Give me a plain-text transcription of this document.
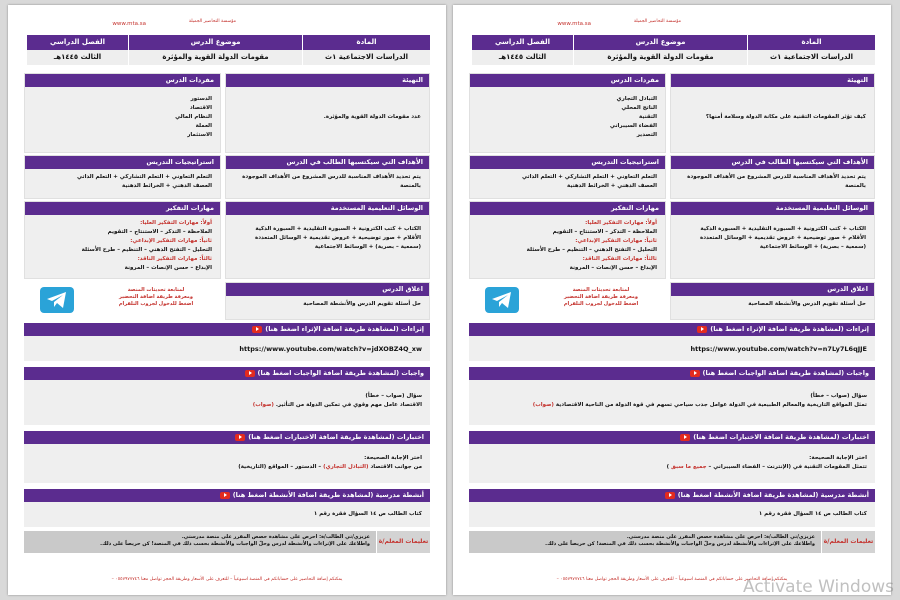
مؤسسة التحاضير الجميلة
www.mta.sa
المادة
موضوع الدرس
الفصل الدراسي
الدراسات الاجتماعية ١ث
مقومات الدولة القوية والمؤثرة
الثالث ١٤٤٥هـ
التهيئة
عدد مقومات الدولة القوية والمؤثرة.
مفردات الدرس
الدستور
الاقتصاد
النظام المالي
العملة
الاستثمار
الأهداف التي سيكتسبها الطالب في الدرس
يتم تحديد الأهداف المناسبة للدرس المشروع من الأهداف الموجودة بالمنصة
استراتيجيات التدريس
التعلم التعاوني + التعلم التشاركي + التعلم الذاتي
العصف الذهني + الخرائط الذهنية
الوسائل التعليمية المستخدمة
الكتاب + كتب الكترونية + السبورة التقليدية + السبورة الذكية
الأقلام + صور توضيحية + عروض تقديمية + الوسائل المتعددة
(سمعية – بصرية) + الوسائط الاجتماعية
مهارات التفكير
أولاً: مهارات التفكير العليا:
الملاحظة – التذكر – الاستنتاج – التقويم
ثانياً: مهارات التفكير الإبداعي:
التحليل – التفتح الذهني – التنظيم – طرح الأسئلة
ثالثاً: مهارات التفكير الناقد:
الإبداع – حسن الإنصات – المرونة
اغلاق الدرس
حل أسئلة تقويم الدرس والأنشطة المصاحبة
لمتابعة تحديثات المنصة
ومعرفة طريقة اضافة التحضير
اضغط للدخول لجروب التلقرام
إثراءات (لمشاهدة طريقة اضافة الإثراء اضغط هنا)
https://www.youtube.com/watch?v=jdXOBZ4Q_xw
واجبات (لمشاهدة طريقة اضافة الواجبات اضغط هنا)
سؤال (صواب – خطأ)
الاقتصاد عامل مهم وقوي في تمكين الدولة من التأثير. (صواب)
اختبارات (لمشاهدة طريقة اضافة الاختبارات اضغط هنا)
اختر الإجابة الصحيحة:
من جوانب الاقتصاد (التبادل التجاري) – الدستور – المواقع (التاريخية)
أنشطة مدرسية (لمشاهدة طريقة اضافة الأنشطة اضغط هنا)
كتاب الطالب ص ١٤ السؤال فقرة رقم ١
تعليمات المعلم/ة
عزيزي/تي الطالب/ة: احرص على مشاهدة حصص المقرر على منصة مدرستي.
واطلاعك على الإثراءات والأنشطة لدرس وحلّ الواجبات والأنشطة بحسب ذلك في المنصة! كن حريصاً على ذلك.
يمكنكم إضافة التحاضير على حساباتكم في المنصة اسبوعياً – للتعرف على الأسعار وطريقة الحجز تواصل معنا ٠٥٥٧٩٧٧٧٤٦ –
مؤسسة التحاضير الجميلة
www.mta.sa
المادة
موضوع الدرس
الفصل الدراسي
الدراسات الاجتماعية ١ث
مقومات الدولة القوية والمؤثرة
الثالث ١٤٤٥هـ
التهيئة
كيف تؤثر المقومات التقنية على مكانة الدولة وسلامة أمنها؟
مفردات الدرس
التبادل التجاري
الناتج المحلي
التقنية
الفضاء السيبراني
التصدير
الأهداف التي سيكتسبها الطالب في الدرس
يتم تحديد الأهداف المناسبة للدرس المشروع من الأهداف الموجودة بالمنصة
استراتيجيات التدريس
التعلم التعاوني + التعلم التشاركي + التعلم الذاتي
العصف الذهني + الخرائط الذهنية
الوسائل التعليمية المستخدمة
الكتاب + كتب الكترونية + السبورة التقليدية + السبورة الذكية
الأقلام + صور توضيحية + عروض تقديمية + الوسائل المتعددة
(سمعية – بصرية) + الوسائط الاجتماعية
مهارات التفكير
أولاً: مهارات التفكير العليا:
الملاحظة – التذكر – الاستنتاج – التقويم
ثانياً: مهارات التفكير الإبداعي:
التحليل – التفتح الذهني – التنظيم – طرح الأسئلة
ثالثاً: مهارات التفكير الناقد:
الإبداع – حسن الإنصات – المرونة
اغلاق الدرس
حل أسئلة تقويم الدرس والأنشطة المصاحبة
لمتابعة تحديثات المنصة
ومعرفة طريقة اضافة التحضير
اضغط للدخول لجروب التلقرام
إثراءات (لمشاهدة طريقة اضافة الإثراء اضغط هنا)
https://www.youtube.com/watch?v=n7Ly7L6qJJE
واجبات (لمشاهدة طريقة اضافة الواجبات اضغط هنا)
سؤال (صواب – خطأ)
تمثل المواقع التاريخية والمعالم الطبيعية في الدولة عوامل جذب سياحي تسهم في قوة الدولة من الناحية الاقتصادية (صواب)
اختبارات (لمشاهدة طريقة اضافة الاختبارات اضغط هنا)
اختر الإجابة الصحيحة:
تتمثل المقومات التقنية في (الإنترنت – الفضاء السيبراني – جميع ما سبق )
أنشطة مدرسية (لمشاهدة طريقة اضافة الأنشطة اضغط هنا)
كتاب الطالب ص ١٤ السؤال فقرة رقم ١
تعليمات المعلم/ة
عزيزي/تي الطالب/ة: احرص على مشاهدة حصص المقرر على منصة مدرستي.
واطلاعك على الإثراءات والأنشطة لدرس وحلّ الواجبات والأنشطة بحسب ذلك في المنصة! كن حريصاً على ذلك.
يمكنكم إضافة التحاضير على حساباتكم في المنصة اسبوعياً – للتعرف على الأسعار وطريقة الحجز تواصل معنا ٠٥٥٧٩٧٧٧٤٦ –
Activate Windows
